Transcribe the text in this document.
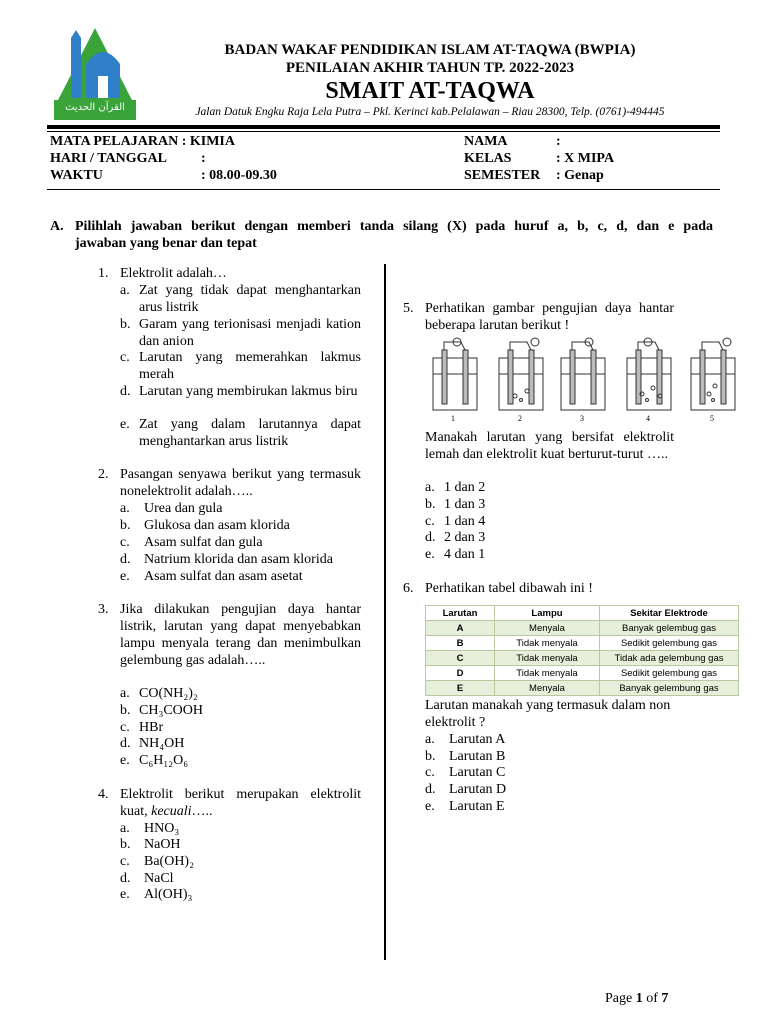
القرآن الحديث
BADAN WAKAF PENDIDIKAN ISLAM AT-TAQWA (BWPIA)
PENILAIAN AKHIR TAHUN TP. 2022-2023
SMAIT AT-TAQWA
Jalan Datuk Engku Raja Lela Putra – Pkl. Kerinci kab.Pelalawan – Riau 28300, Telp. (0761)-494445
MATA PELAJARAN : KIMIA
HARI / TANGGAL :
WAKTU	: 08.00-09.30
NAMA	:
KELAS	: X MIPA
SEMESTER : Genap
A. Pilihlah jawaban berikut dengan memberi tanda silang (X) pada huruf a, b, c, d, dan e pada
jawaban yang benar dan tepat
1. Elektrolit adalah…
a. Zat yang tidak dapat menghantarkan arus listrik
b. Garam yang terionisasi menjadi kation dan anion
c. Larutan yang memerahkan lakmus merah
d. Larutan yang membirukan lakmus biru
e. Zat yang dalam larutannya dapat menghantarkan arus listrik
2. Pasangan senyawa berikut yang termasuk nonelektrolit adalah…..
a. Urea dan gula
b. Glukosa dan asam klorida
c. Asam sulfat dan gula
d. Natrium klorida dan asam klorida
e. Asam sulfat dan asam asetat
3. Jika dilakukan pengujian daya hantar listrik, larutan yang dapat menyebabkan lampu menyala terang dan menimbulkan gelembung gas adalah…..
a. CO(NH₂)₂
b. CH₃COOH
c. HBr
d. NH₄OH
e. C₆H₁₂O₆
4. Elektrolit berikut merupakan elektrolit kuat, kecuali…..
a. HNO₃
b. NaOH
c. Ba(OH)₂
d. NaCl
e. Al(OH)₃
5. Perhatikan gambar pengujian daya hantar beberapa larutan berikut !
1	2	3	4	5
Manakah larutan yang bersifat elektrolit lemah dan elektrolit kuat berturut-turut …..
a. 1 dan 2
b. 1 dan 3
c. 1 dan 4
d. 2 dan 3
e. 4 dan 1
6. Perhatikan tabel dibawah ini !
Larutan	Lampu	Sekitar Elektrode
A	Menyala	Banyak gelembug gas
B	Tidak menyala	Sedikit gelembung gas
C	Tidak menyala	Tidak ada gelembung gas
D	Tidak menyala	Sedikit gelembung gas
E	Menyala	Banyak gelembung gas
Larutan manakah yang termasuk dalam non elektrolit ?
a. Larutan A
b. Larutan B
c. Larutan C
d. Larutan D
e. Larutan E
Page 1 of 7
